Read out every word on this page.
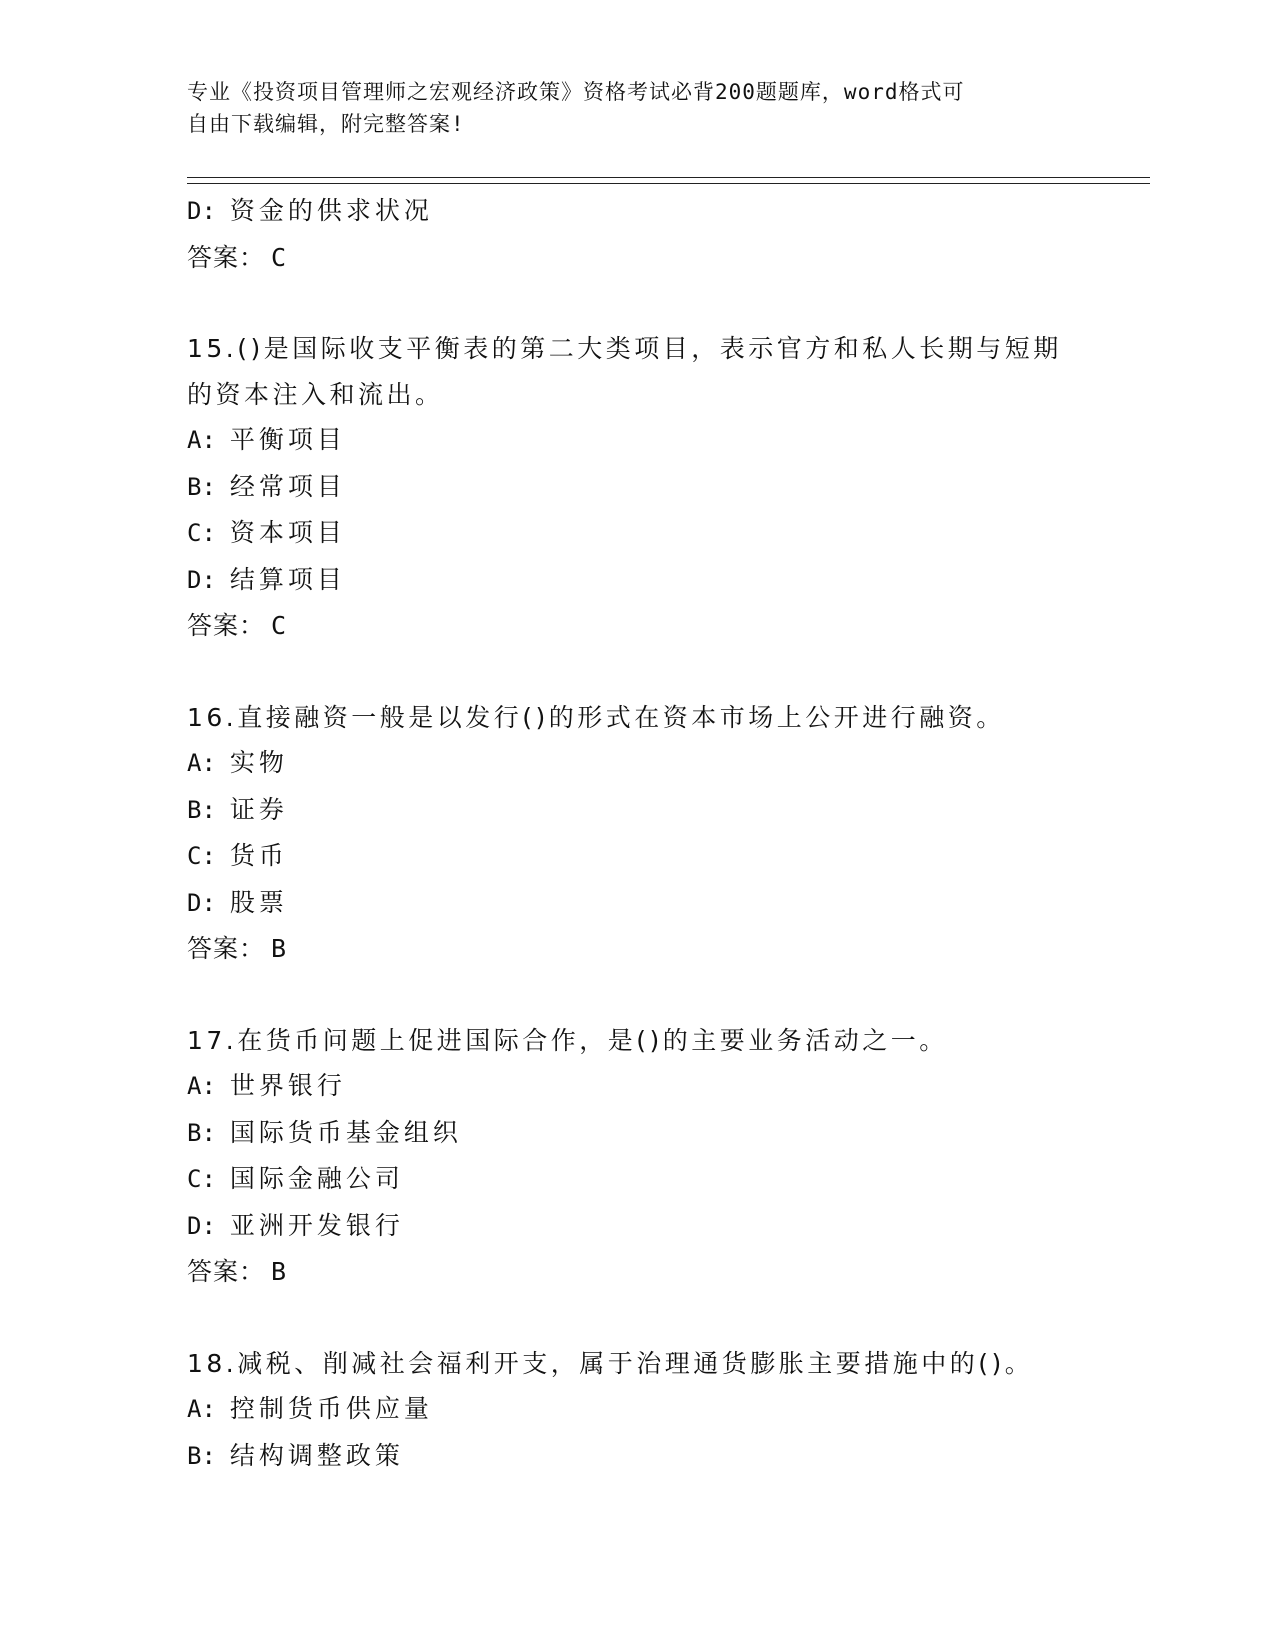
专业《投资项目管理师之宏观经济政策》资格考试必背200题题库，word格式可
自由下载编辑，附完整答案!
D: 资金的供求状况
答案： C
15.()是国际收支平衡表的第二大类项目，表示官方和私人长期与短期
的资本注入和流出。
A: 平衡项目
B: 经常项目
C: 资本项目
D: 结算项目
答案： C
16.直接融资一般是以发行()的形式在资本市场上公开进行融资。
A: 实物
B: 证券
C: 货币
D: 股票
答案： B
17.在货币问题上促进国际合作，是()的主要业务活动之一。
A: 世界银行
B: 国际货币基金组织
C: 国际金融公司
D: 亚洲开发银行
答案： B
18.减税、削减社会福利开支，属于治理通货膨胀主要措施中的()。
A: 控制货币供应量
B: 结构调整政策
